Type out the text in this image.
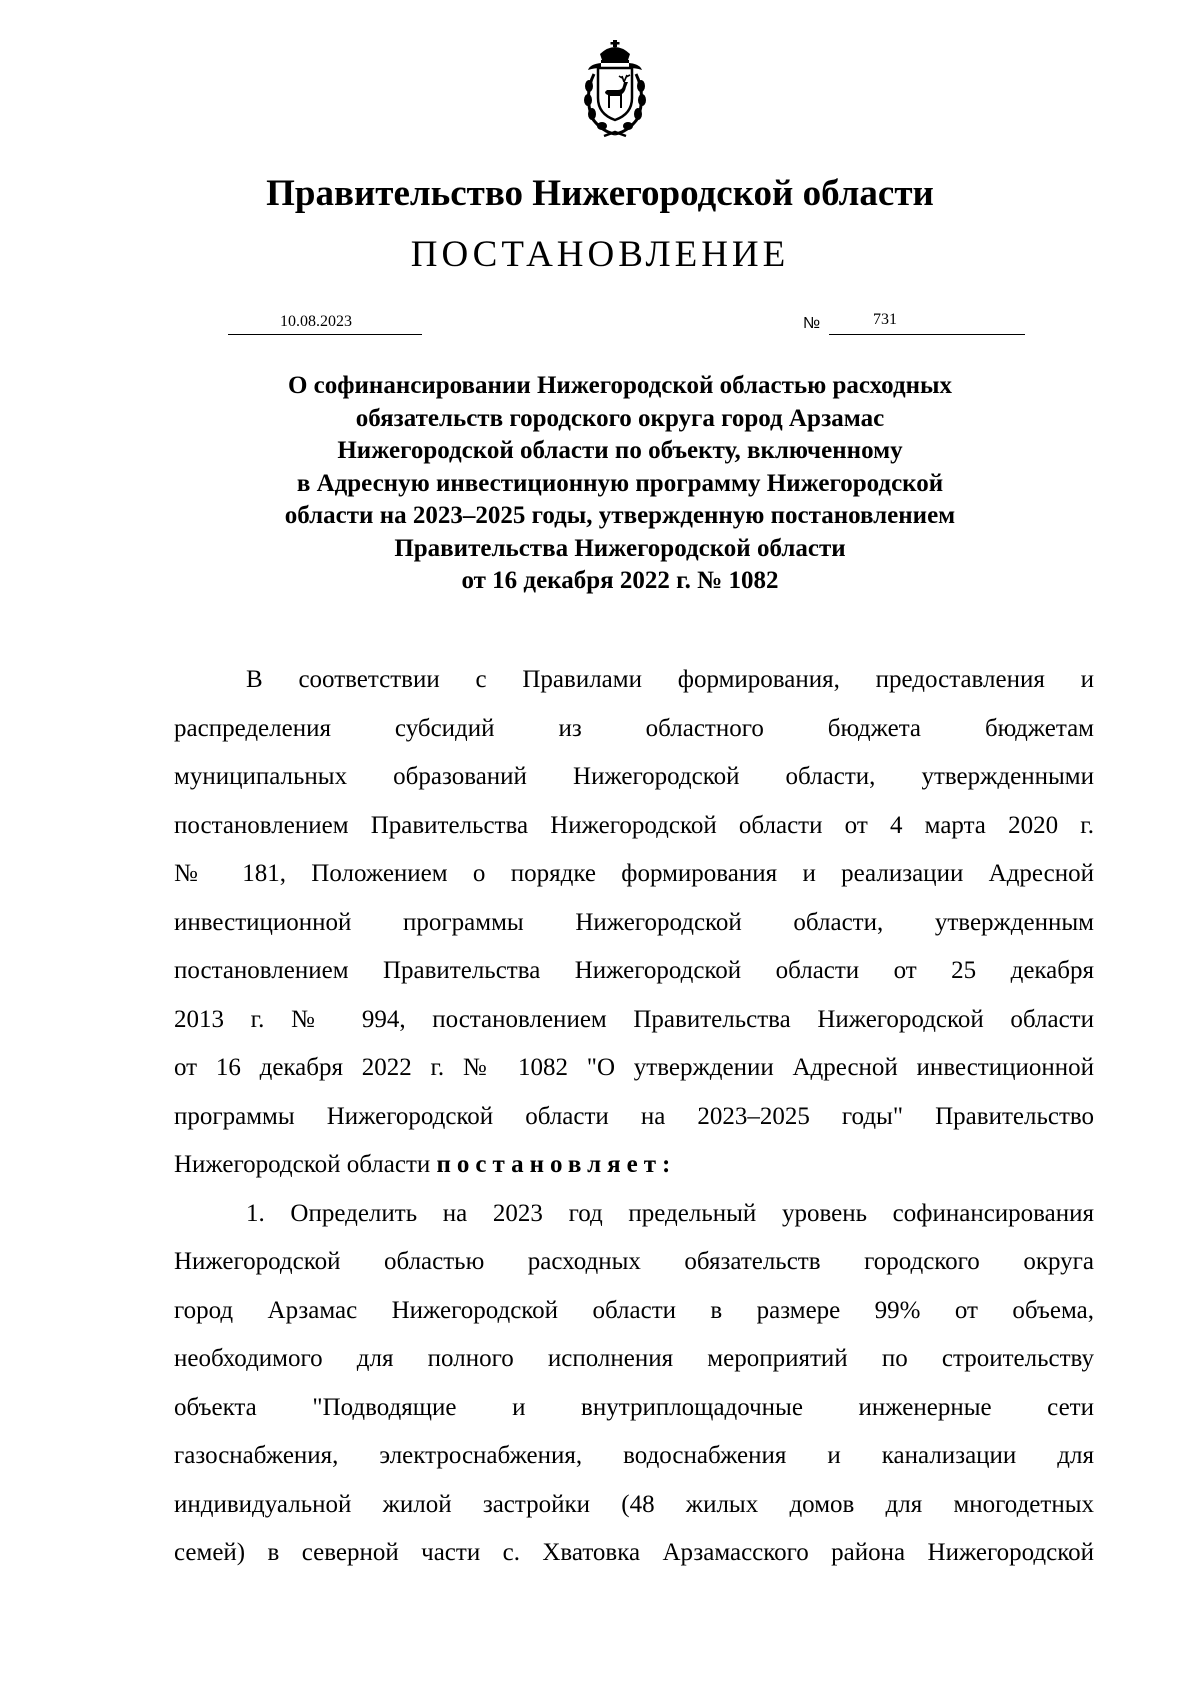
Правительство Нижегородской области
ПОСТАНОВЛЕНИЕ
10.08.2023	№	731
О софинансировании Нижегородской областью расходных
обязательств городского округа город Арзамас
Нижегородской области по объекту, включенному
в Адресную инвестиционную программу Нижегородской
области на 2023–2025 годы, утвержденную постановлением
Правительства Нижегородской области
от 16 декабря 2022 г. № 1082
В соответствии с Правилами формирования, предоставления и
распределения субсидий из областного бюджета бюджетам
муниципальных образований Нижегородской области, утвержденными
постановлением Правительства Нижегородской области от 4 марта 2020 г.
№ 181, Положением о порядке формирования и реализации Адресной
инвестиционной программы Нижегородской области, утвержденным
постановлением Правительства Нижегородской области от 25 декабря
2013 г. № 994, постановлением Правительства Нижегородской области
от 16 декабря 2022 г. № 1082 "О утверждении Адресной инвестиционной
программы Нижегородской области на 2023–2025 годы" Правительство
Нижегородской области постановляет:
1. Определить на 2023 год предельный уровень софинансирования
Нижегородской областью расходных обязательств городского округа
город Арзамас Нижегородской области в размере 99% от объема,
необходимого для полного исполнения мероприятий по строительству
объекта "Подводящие и внутриплощадочные инженерные сети
газоснабжения, электроснабжения, водоснабжения и канализации для
индивидуальной жилой застройки (48 жилых домов для многодетных
семей) в северной части с. Хватовка Арзамасского района Нижегородской
